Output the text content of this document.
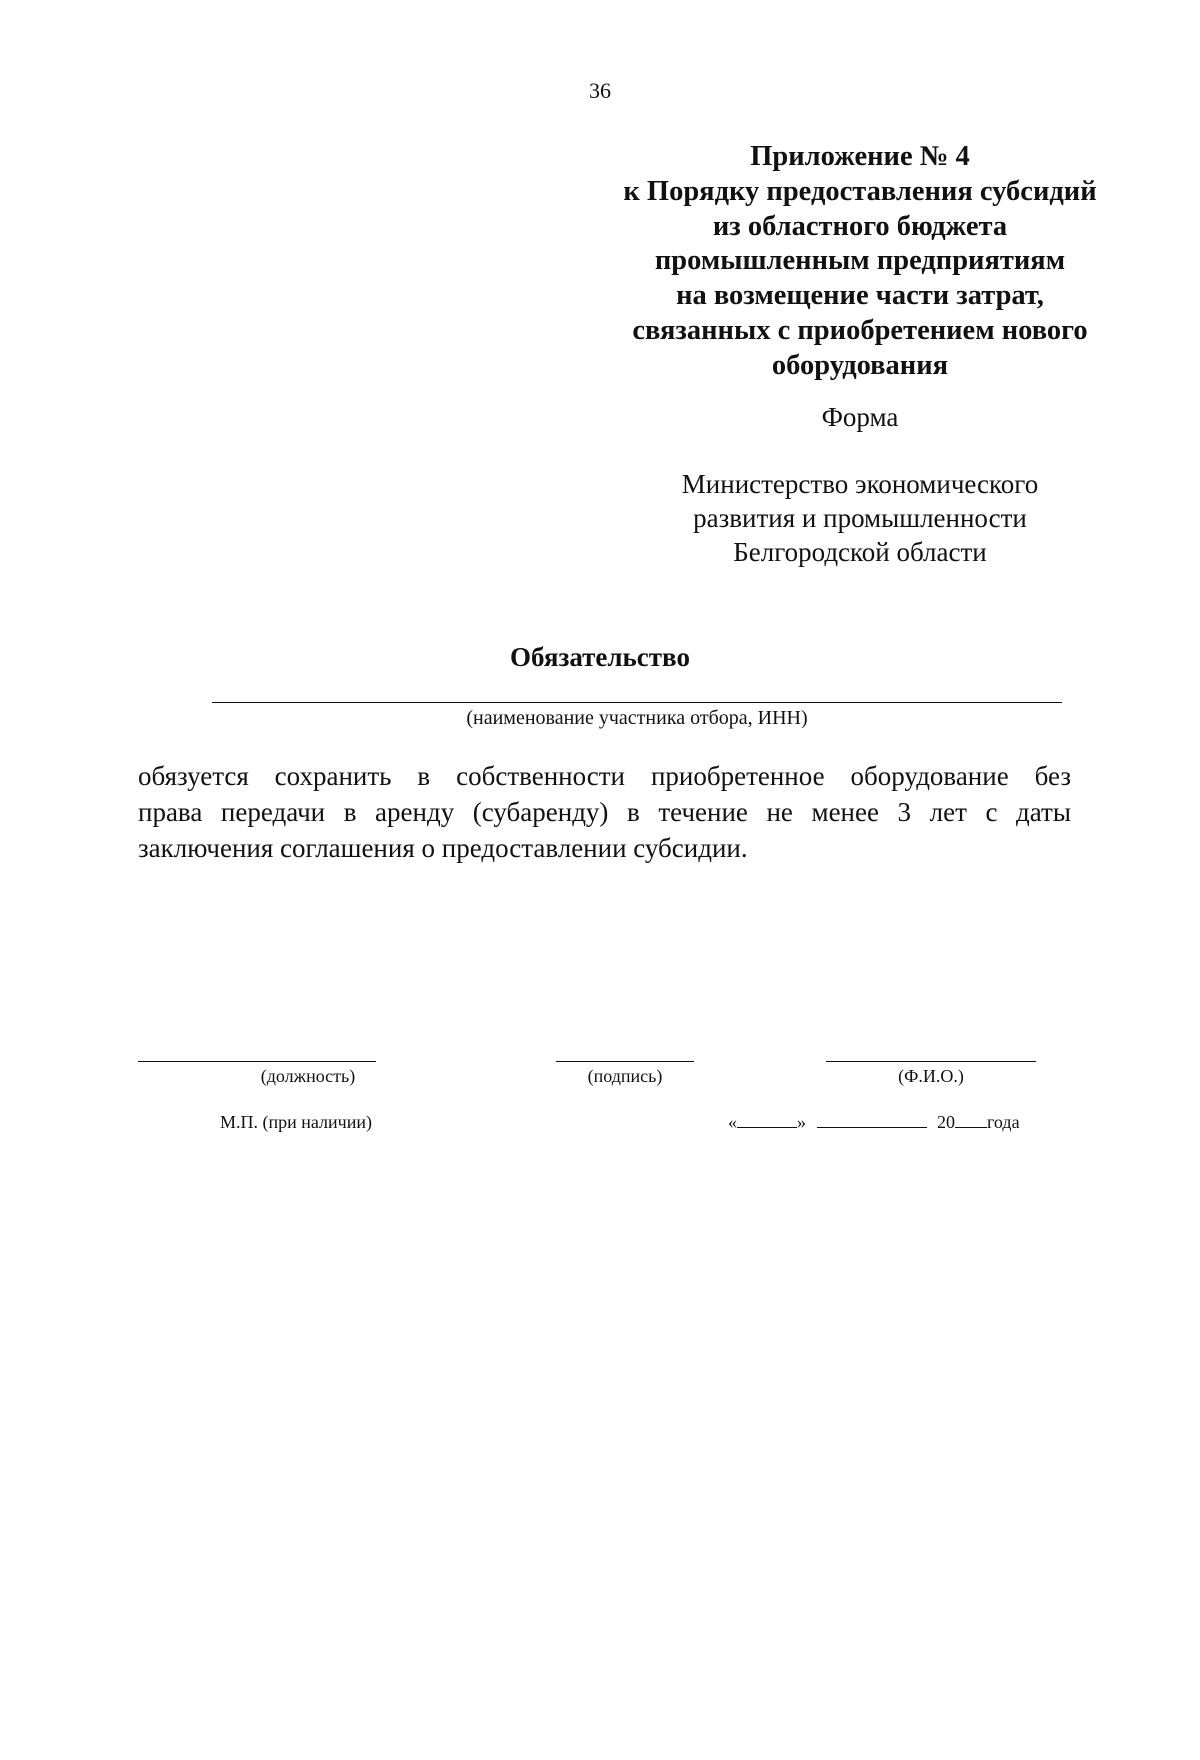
36
Приложение № 4
к Порядку предоставления субсидий
из областного бюджета
промышленным предприятиям
на возмещение части затрат,
связанных с приобретением нового
оборудования
Форма
Министерство экономического
развития и промышленности
Белгородской области
Обязательство
(наименование участника отбора, ИНН)
обязуется сохранить в собственности приобретенное оборудование без
права передачи в аренду (субаренду) в течение не менее 3 лет с даты
заключения соглашения о предоставлении субсидии.
(должность)	(подпись)	(Ф.И.О.)
М.П. (при наличии)	«	»	20 года
